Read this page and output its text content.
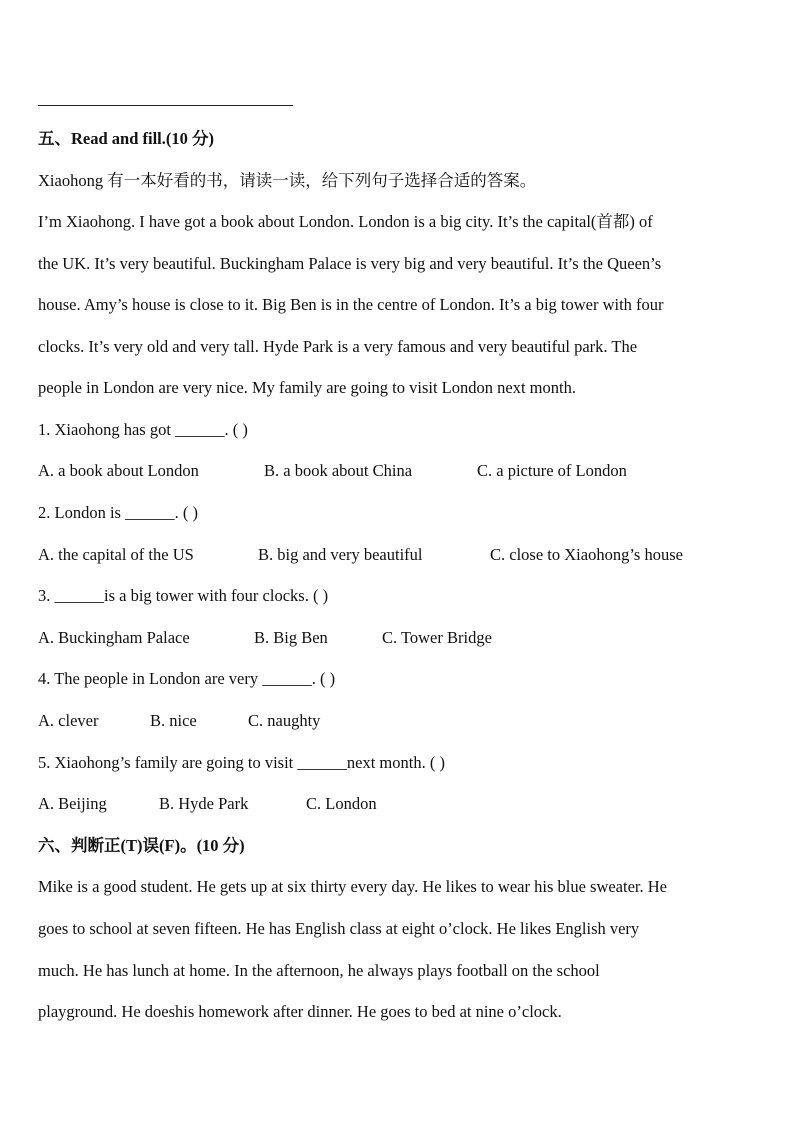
五、Read and fill.(10 分)
Xiaohong 有一本好看的书，请读一读，给下列句子选择合适的答案。
I’m Xiaohong. I have got a book about London. London is a big city. It’s the capital(首都) of
the UK. It’s very beautiful. Buckingham Palace is very big and very beautiful. It’s the Queen’s
house. Amy’s house is close to it. Big Ben is in the centre of London. It’s a big tower with four
clocks. It’s very old and very tall. Hyde Park is a very famous and very beautiful park. The
people in London are very nice. My family are going to visit London next month.
1. Xiaohong has got ______. ( )
A. a book about London	B. a book about China	C. a picture of London
2. London is ______. ( )
A. the capital of the US	B. big and very beautiful	C. close to Xiaohong’s house
3. ______is a big tower with four clocks. ( )
A. Buckingham Palace	B. Big Ben	C. Tower Bridge
4. The people in London are very ______. ( )
A. clever	B. nice	C. naughty
5. Xiaohong’s family are going to visit ______next month. ( )
A. Beijing	B. Hyde Park	C. London
六、判断正(T)误(F)。(10 分)
Mike is a good student. He gets up at six thirty every day. He likes to wear his blue sweater. He
goes to school at seven fifteen. He has English class at eight o’clock. He likes English very
much. He has lunch at home. In the afternoon, he always plays football on the school
playground. He doeshis homework after dinner. He goes to bed at nine o’clock.
